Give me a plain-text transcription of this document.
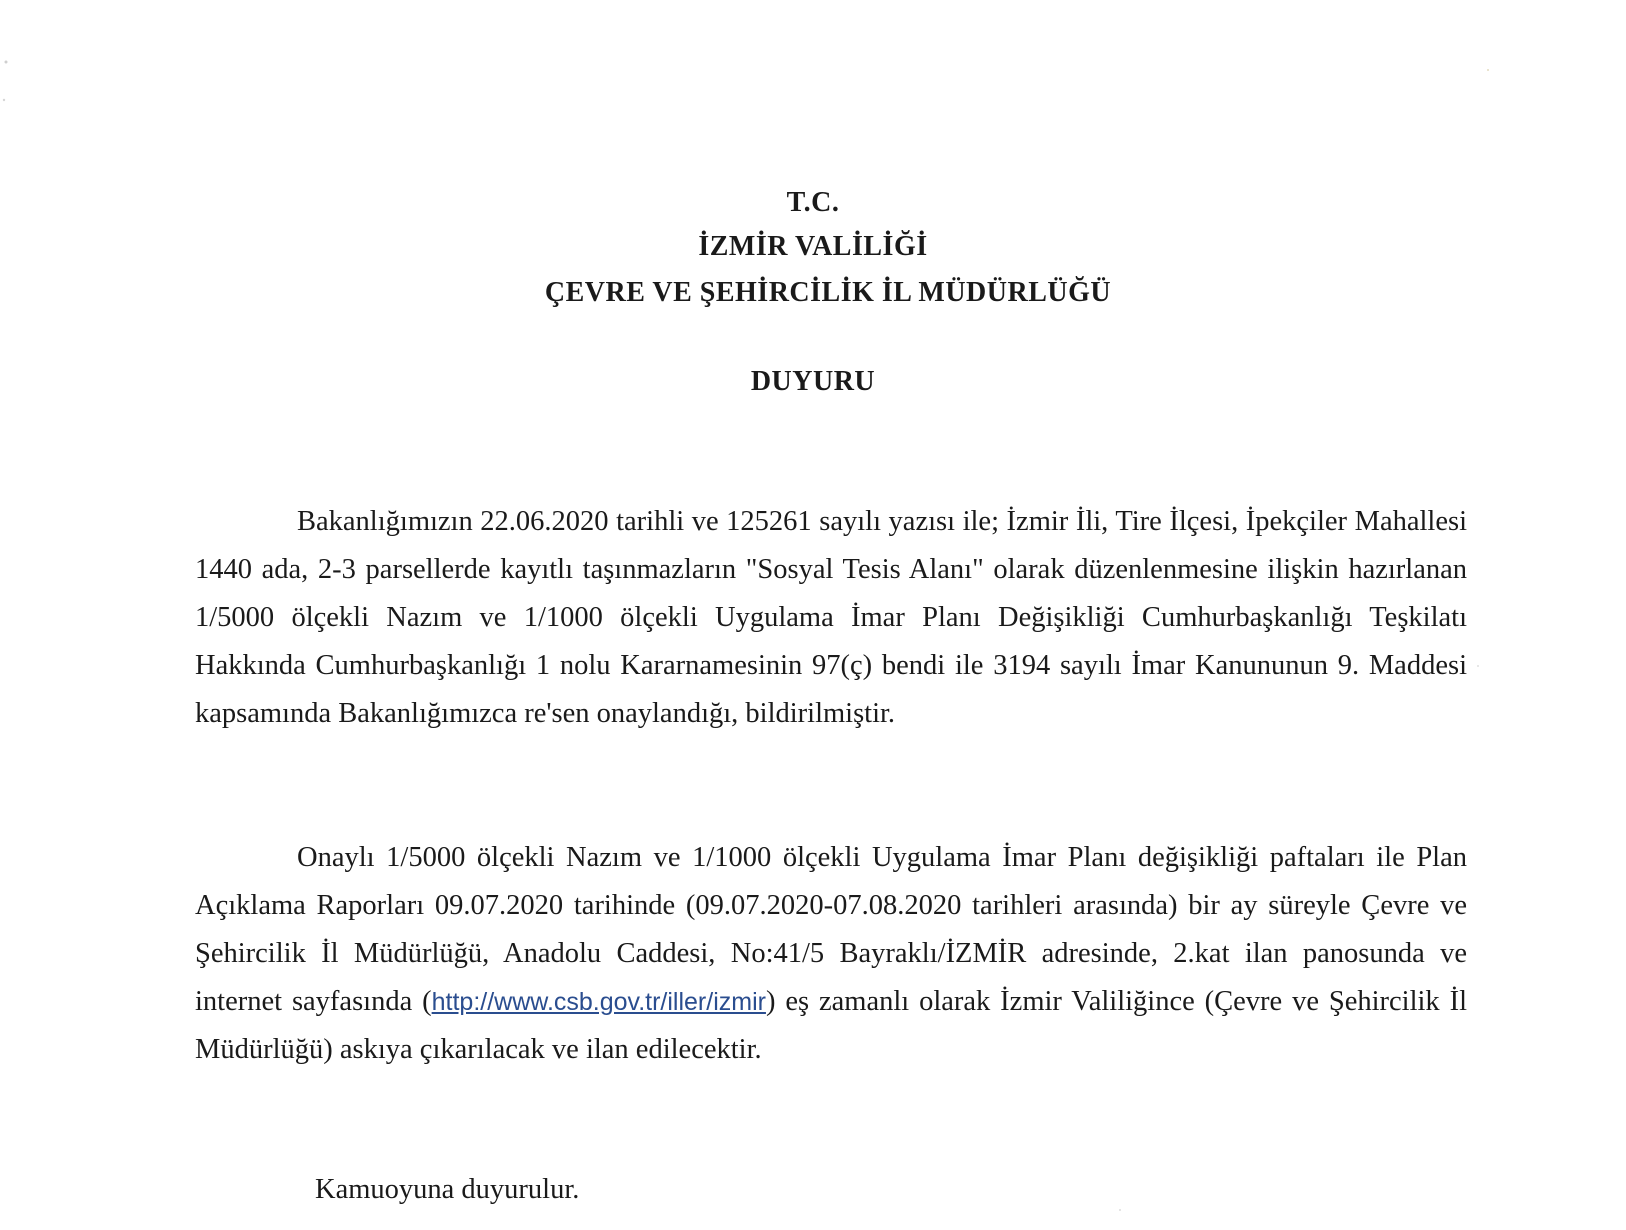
T.C.
İZMİR VALİLİĞİ
ÇEVRE VE ŞEHİRCİLİK İL MÜDÜRLÜĞÜ
DUYURU
Bakanlığımızın 22.06.2020 tarihli ve 125261 sayılı yazısı ile; İzmir İli, Tire İlçesi, İpekçiler Mahallesi 1440 ada, 2-3 parsellerde kayıtlı taşınmazların "Sosyal Tesis Alanı" olarak düzenlenmesine ilişkin hazırlanan 1/5000 ölçekli Nazım ve 1/1000 ölçekli Uygulama İmar Planı Değişikliği Cumhurbaşkanlığı Teşkilatı Hakkında Cumhurbaşkanlığı 1 nolu Kararnamesinin 97(ç) bendi ile 3194 sayılı İmar Kanununun 9. Maddesi kapsamında Bakanlığımızca re'sen onaylandığı, bildirilmiştir.
Onaylı 1/5000 ölçekli Nazım ve 1/1000 ölçekli Uygulama İmar Planı değişikliği paftaları ile Plan Açıklama Raporları 09.07.2020 tarihinde (09.07.2020-07.08.2020 tarihleri arasında) bir ay süreyle Çevre ve Şehircilik İl Müdürlüğü, Anadolu Caddesi, No:41/5 Bayraklı/İZMİR adresinde, 2.kat ilan panosunda ve internet sayfasında (http://www.csb.gov.tr/iller/izmir) eş zamanlı olarak İzmir Valiliğince (Çevre ve Şehircilik İl Müdürlüğü) askıya çıkarılacak ve ilan edilecektir.
Kamuoyuna duyurulur.
